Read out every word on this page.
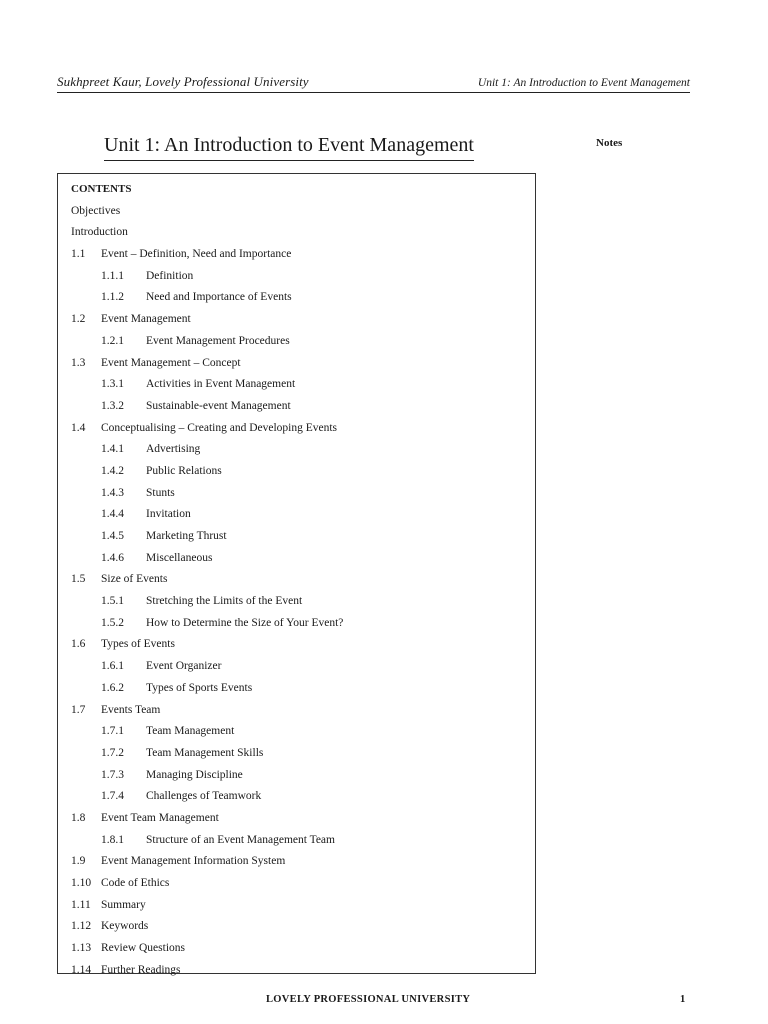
Sukhpreet Kaur, Lovely Professional University	Unit 1: An Introduction to Event Management
Unit 1: An Introduction to Event Management	Notes
CONTENTS
Objectives
Introduction
1.1 Event – Definition, Need and Importance
1.1.1 Definition
1.1.2 Need and Importance of Events
1.2 Event Management
1.2.1 Event Management Procedures
1.3 Event Management – Concept
1.3.1 Activities in Event Management
1.3.2 Sustainable-event Management
1.4 Conceptualising – Creating and Developing Events
1.4.1 Advertising
1.4.2 Public Relations
1.4.3 Stunts
1.4.4 Invitation
1.4.5 Marketing Thrust
1.4.6 Miscellaneous
1.5 Size of Events
1.5.1 Stretching the Limits of the Event
1.5.2 How to Determine the Size of Your Event?
1.6 Types of Events
1.6.1 Event Organizer
1.6.2 Types of Sports Events
1.7 Events Team
1.7.1 Team Management
1.7.2 Team Management Skills
1.7.3 Managing Discipline
1.7.4 Challenges of Teamwork
1.8 Event Team Management
1.8.1 Structure of an Event Management Team
1.9 Event Management Information System
1.10 Code of Ethics
1.11 Summary
1.12 Keywords
1.13 Review Questions
1.14 Further Readings
LOVELY PROFESSIONAL UNIVERSITY	1
